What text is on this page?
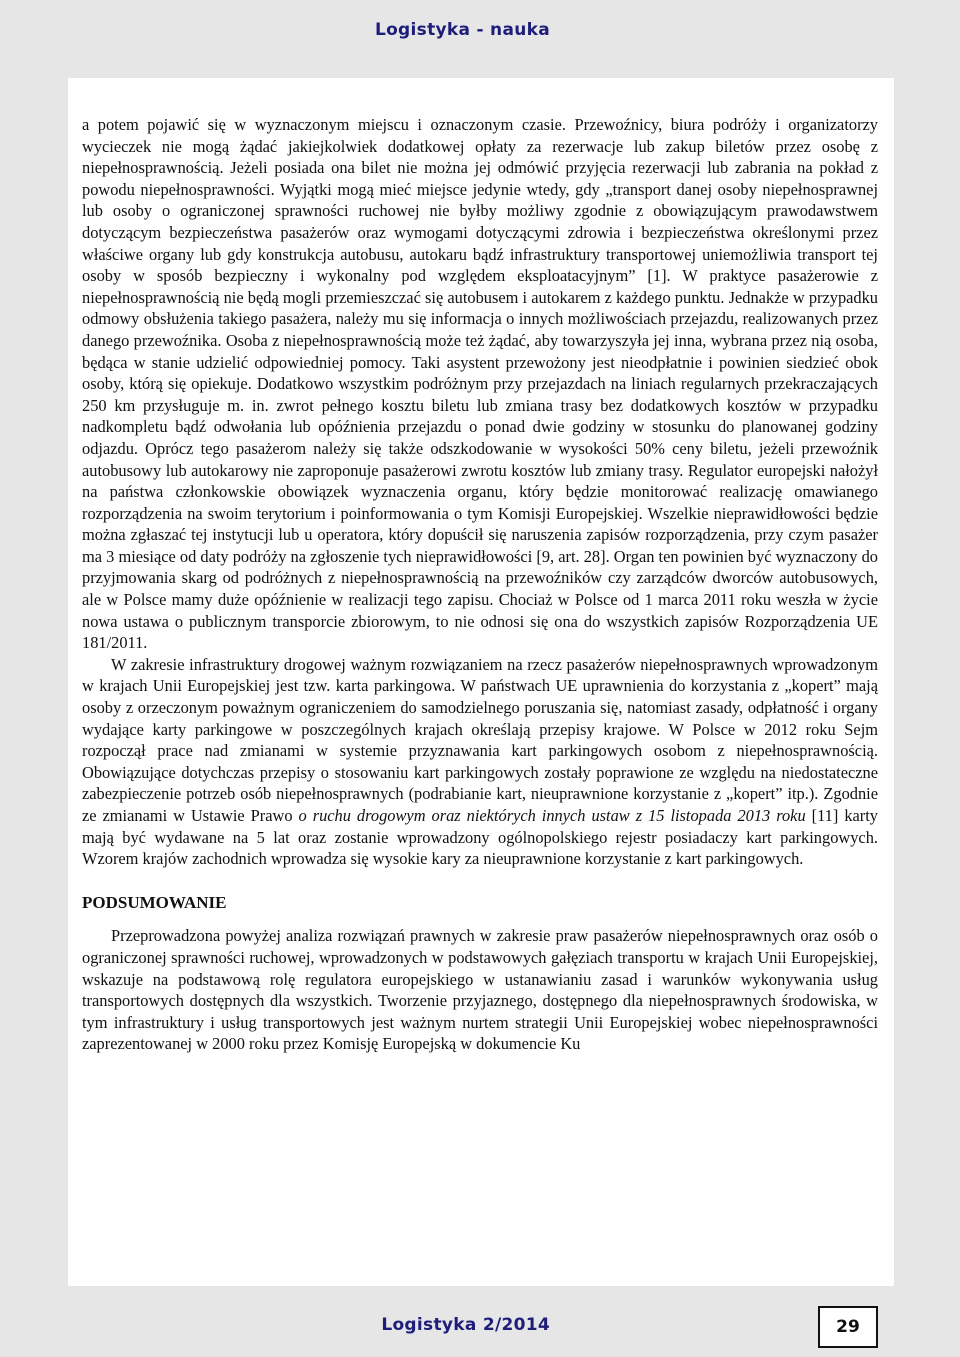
Logistyka - nauka

a potem pojawić się w wyznaczonym miejscu i oznaczonym czasie. Przewoźnicy, biura podróży i organizatorzy wycieczek nie mogą żądać jakiejkolwiek dodatkowej opłaty za rezerwacje lub zakup biletów przez osobę z niepełnosprawnością. Jeżeli posiada ona bilet nie można jej odmówić przyjęcia rezerwacji lub zabrania na pokład z powodu niepełnosprawności. Wyjątki mogą mieć miejsce jedynie wtedy, gdy „transport danej osoby niepełnosprawnej lub osoby o ograniczonej sprawności ruchowej nie byłby możliwy zgodnie z obowiązującym prawodawstwem dotyczącym bezpieczeństwa pasażerów oraz wymogami dotyczącymi zdrowia i bezpieczeństwa określonymi przez właściwe organy lub gdy konstrukcja autobusu, autokaru bądź infrastruktury transportowej uniemożliwia transport tej osoby w sposób bezpieczny i wykonalny pod względem eksploatacyjnym” [1]. W praktyce pasażerowie z niepełnosprawnością nie będą mogli przemieszczać się autobusem i autokarem z każdego punktu. Jednakże w przypadku odmowy obsłużenia takiego pasażera, należy mu się informacja o innych możliwościach przejazdu, realizowanych przez danego przewoźnika. Osoba z niepełnosprawnością może też żądać, aby towarzyszyła jej inna, wybrana przez nią osoba, będąca w stanie udzielić odpowiedniej pomocy. Taki asystent przewożony jest nieodpłatnie i powinien siedzieć obok osoby, którą się opiekuje. Dodatkowo wszystkim podróżnym przy przejazdach na liniach regularnych przekraczających 250 km przysługuje m. in. zwrot pełnego kosztu biletu lub zmiana trasy bez dodatkowych kosztów w przypadku nadkompletu bądź odwołania lub opóźnienia przejazdu o ponad dwie godziny w stosunku do planowanej godziny odjazdu. Oprócz tego pasażerom należy się także odszkodowanie w wysokości 50% ceny biletu, jeżeli przewoźnik autobusowy lub autokarowy nie zaproponuje pasażerowi zwrotu kosztów lub zmiany trasy. Regulator europejski nałożył na państwa członkowskie obowiązek wyznaczenia organu, który będzie monitorować realizację omawianego rozporządzenia na swoim terytorium i poinformowania o tym Komisji Europejskiej. Wszelkie nieprawidłowości będzie można zgłaszać tej instytucji lub u operatora, który dopuścił się naruszenia zapisów rozporządzenia, przy czym pasażer ma 3 miesiące od daty podróży na zgłoszenie tych nieprawidłowości [9, art. 28]. Organ ten powinien być wyznaczony do przyjmowania skarg od podróżnych z niepełnosprawnością na przewoźników czy zarządców dworców autobusowych, ale w Polsce mamy duże opóźnienie w realizacji tego zapisu. Chociaż w Polsce od 1 marca 2011 roku weszła w życie nowa ustawa o publicznym transporcie zbiorowym, to nie odnosi się ona do wszystkich zapisów Rozporządzenia UE 181/2011.

W zakresie infrastruktury drogowej ważnym rozwiązaniem na rzecz pasażerów niepełnosprawnych wprowadzonym w krajach Unii Europejskiej jest tzw. karta parkingowa. W państwach UE uprawnienia do korzystania z „kopert” mają osoby z orzeczonym poważnym ograniczeniem do samodzielnego poruszania się, natomiast zasady, odpłatność i organy wydające karty parkingowe w poszczególnych krajach określają przepisy krajowe. W Polsce w 2012 roku Sejm rozpoczął prace nad zmianami w systemie przyznawania kart parkingowych osobom z niepełnosprawnością. Obowiązujące dotychczas przepisy o stosowaniu kart parkingowych zostały poprawione ze względu na niedostateczne zabezpieczenie potrzeb osób niepełnosprawnych (podrabianie kart, nieuprawnione korzystanie z „kopert” itp.). Zgodnie ze zmianami w Ustawie Prawo o ruchu drogowym oraz niektórych innych ustaw z 15 listopada 2013 roku [11] karty mają być wydawane na 5 lat oraz zostanie wprowadzony ogólnopolskiego rejestr posiadaczy kart parkingowych. Wzorem krajów zachodnich wprowadza się wysokie kary za nieuprawnione korzystanie z kart parkingowych.

PODSUMOWANIE

Przeprowadzona powyżej analiza rozwiązań prawnych w zakresie praw pasażerów niepełnosprawnych oraz osób o ograniczonej sprawności ruchowej, wprowadzonych w podstawowych gałęziach transportu w krajach Unii Europejskiej, wskazuje na podstawową rolę regulatora europejskiego w ustanawianiu zasad i warunków wykonywania usług transportowych dostępnych dla wszystkich. Tworzenie przyjaznego, dostępnego dla niepełnosprawnych środowiska, w tym infrastruktury i usług transportowych jest ważnym nurtem strategii Unii Europejskiej wobec niepełnosprawności zaprezentowanej w 2000 roku przez Komisję Europejską w dokumencie Ku

Logistyka 2/2014	29
